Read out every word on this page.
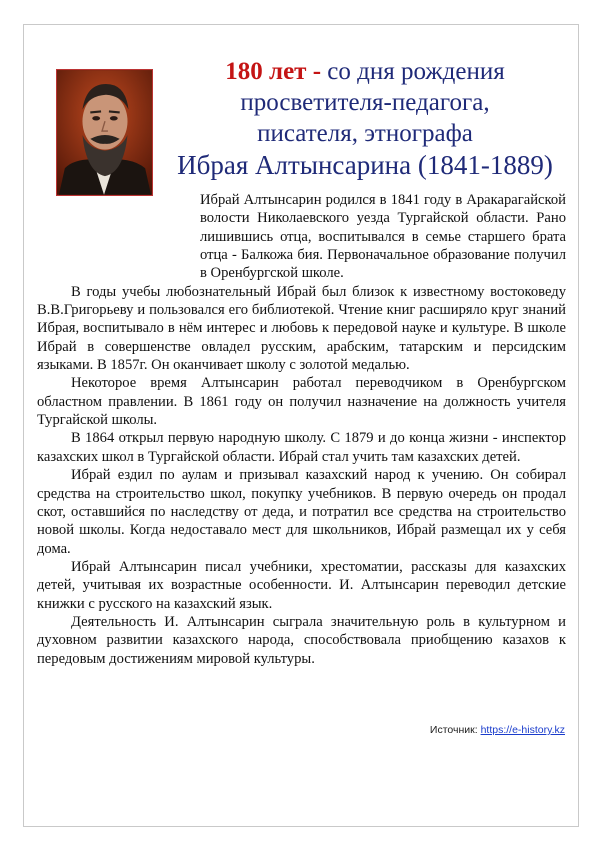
180 лет - со дня рождения
просветителя-педагога,
писателя, этнографа
Ибрая Алтынсарина (1841-1889)

Ибрай Алтынсарин родился в 1841 году в Аракарагайской волости Николаевского уезда Тургайской области. Рано лишившись отца, воспитывался в семье старшего брата отца - Балкожа бия. Первоначальное образование получил в Оренбургской школе.

В годы учебы любознательный Ибрай был близок к известному востоковеду В.В.Григорьеву и пользовался его библиотекой. Чтение книг расширяло круг знаний Ибрая, воспитывало в нём интерес и любовь к передовой науке и культуре. В школе Ибрай в совершенстве овладел русским, арабским, татарским и персидским языками. В 1857г. Он оканчивает школу с золотой медалью.

Некоторое время Алтынсарин работал переводчиком в Оренбургском областном правлении. В 1861 году он получил назначение на должность учителя Тургайской школы.

В 1864 открыл первую народную школу. С 1879 и до конца жизни - инспектор казахских школ в Тургайской области. Ибрай стал учить там казахских детей.

Ибрай ездил по аулам и призывал казахский народ к учению. Он собирал средства на строительство школ, покупку учебников. В первую очередь он продал скот, оставшийся по наследству от деда, и потратил все средства на строительство новой школы. Когда недоставало мест для школьников, Ибрай размещал их у себя дома.

Ибрай Алтынсарин писал учебники, хрестоматии, рассказы для казахских детей, учитывая их возрастные особенности. И. Алтынсарин переводил детские книжки с русского на казахский язык.

Деятельность И. Алтынсарин сыграла значительную роль в культурном и духовном развитии казахского народа, способствовала приобщению казахов к передовым достижениям мировой культуры.

Источник: https://e-history.kz
